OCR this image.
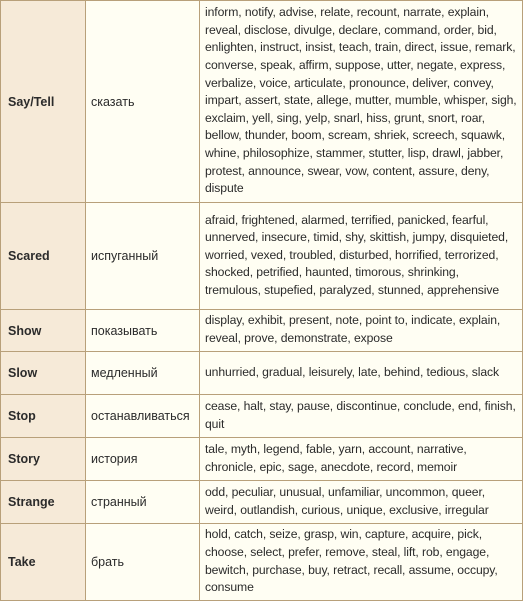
Say/Tell	сказать	inform, notify, advise, relate, recount, narrate, explain, reveal, disclose, divulge, declare, command, order, bid, enlighten, instruct, insist, teach, train, direct, issue, remark, converse, speak, affirm, suppose, utter, negate, express, verbalize, voice, articulate, pronounce, deliver, convey, impart, assert, state, allege, mutter, mumble, whisper, sigh, exclaim, yell, sing, yelp, snarl, hiss, grunt, snort, roar, bellow, thunder, boom, scream, shriek, screech, squawk, whine, philosophize, stammer, stutter, lisp, drawl, jabber, protest, announce, swear, vow, content, assure, deny, dispute
Scared	испуганный	afraid, frightened, alarmed, terrified, panicked, fearful, unnerved, insecure, timid, shy, skittish, jumpy, disquieted, worried, vexed, troubled, disturbed, horrified, terrorized, shocked, petrified, haunted, timorous, shrinking, tremulous, stupefied, paralyzed, stunned, apprehensive
Show	показывать	display, exhibit, present, note, point to, indicate, explain, reveal, prove, demonstrate, expose
Slow	медленный	unhurried, gradual, leisurely, late, behind, tedious, slack
Stop	останавливаться	cease, halt, stay, pause, discontinue, conclude, end, finish, quit
Story	история	tale, myth, legend, fable, yarn, account, narrative, chronicle, epic, sage, anecdote, record, memoir
Strange	странный	odd, peculiar, unusual, unfamiliar, uncommon, queer, weird, outlandish, curious, unique, exclusive, irregular
Take	брать	hold, catch, seize, grasp, win, capture, acquire, pick, choose, select, prefer, remove, steal, lift, rob, engage, bewitch, purchase, buy, retract, recall, assume, occupy, consume
